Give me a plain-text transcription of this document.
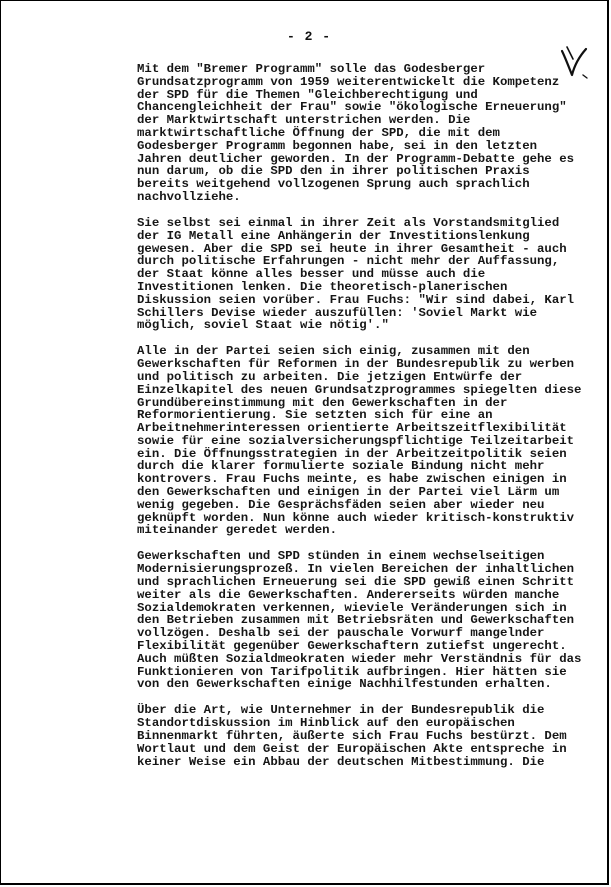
- 2 -
Mit dem "Bremer Programm" solle das Godesberger
Grundsatzprogramm von 1959 weiterentwickelt die Kompetenz
der SPD für die Themen "Gleichberechtigung und
Chancengleichheit der Frau" sowie "ökologische Erneuerung"
der Marktwirtschaft unterstrichen werden. Die
marktwirtschaftliche Öffnung der SPD, die mit dem
Godesberger Programm begonnen habe, sei in den letzten
Jahren deutlicher geworden. In der Programm-Debatte gehe es
nun darum, ob die SPD den in ihrer politischen Praxis
bereits weitgehend vollzogenen Sprung auch sprachlich
nachvollziehe.
Sie selbst sei einmal in ihrer Zeit als Vorstandsmitglied
der IG Metall eine Anhängerin der Investitionslenkung
gewesen. Aber die SPD sei heute in ihrer Gesamtheit - auch
durch politische Erfahrungen - nicht mehr der Auffassung,
der Staat könne alles besser und müsse auch die
Investitionen lenken. Die theoretisch-planerischen
Diskussion seien vorüber. Frau Fuchs: "Wir sind dabei, Karl
Schillers Devise wieder auszufüllen: 'Soviel Markt wie
möglich, soviel Staat wie nötig'."
Alle in der Partei seien sich einig, zusammen mit den
Gewerkschaften für Reformen in der Bundesrepublik zu werben
und politisch zu arbeiten. Die jetzigen Entwürfe der
Einzelkapitel des neuen Grundsatzprogrammes spiegelten diese
Grundübereinstimmung mit den Gewerkschaften in der
Reformorientierung. Sie setzten sich für eine an
Arbeitnehmerinteressen orientierte Arbeitszeitflexibilität
sowie für eine sozialversicherungspflichtige Teilzeitarbeit
ein. Die Öffnungsstrategien in der Arbeitzeitpolitik seien
durch die klarer formulierte soziale Bindung nicht mehr
kontrovers. Frau Fuchs meinte, es habe zwischen einigen in
den Gewerkschaften und einigen in der Partei viel Lärm um
wenig gegeben. Die Gesprächsfäden seien aber wieder neu
geknüpft worden. Nun könne auch wieder kritisch-konstruktiv
miteinander geredet werden.
Gewerkschaften und SPD stünden in einem wechselseitigen
Modernisierungsprozeß. In vielen Bereichen der inhaltlichen
und sprachlichen Erneuerung sei die SPD gewiß einen Schritt
weiter als die Gewerkschaften. Andererseits würden manche
Sozialdemokraten verkennen, wieviele Veränderungen sich in
den Betrieben zusammen mit Betriebsräten und Gewerkschaften
vollzögen. Deshalb sei der pauschale Vorwurf mangelnder
Flexibilität gegenüber Gewerkschaftern zutiefst ungerecht.
Auch müßten Sozialdmeokraten wieder mehr Verständnis für das
Funktionieren von Tarifpolitik aufbringen. Hier hätten sie
von den Gewerkschaften einige Nachhilfestunden erhalten.
Über die Art, wie Unternehmer in der Bundesrepublik die
Standortdiskussion im Hinblick auf den europäischen
Binnenmarkt führten, äußerte sich Frau Fuchs bestürzt. Dem
Wortlaut und dem Geist der Europäischen Akte entspreche in
keiner Weise ein Abbau der deutschen Mitbestimmung. Die
